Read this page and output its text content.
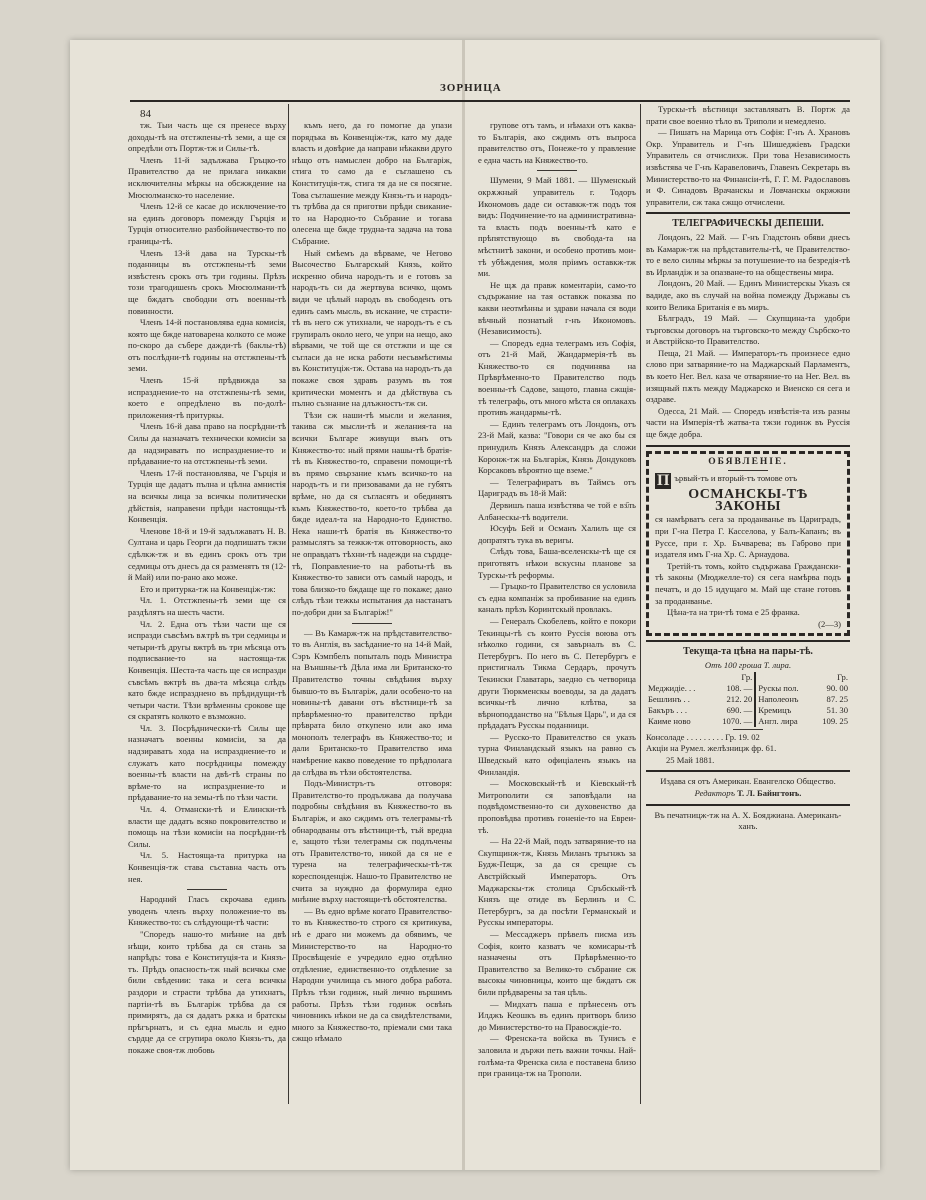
ЗОРНИЦА
84

тж. Тыи часть ще ся пренесе върху доходы-тѣ на отстжпены-тѣ земи, а ще ся опредѣли отъ Портж-тж и Силы-тѣ.

Членъ 11-й задължава Гръцко-то Правителство да не прилага никакви исключителны мѣркы на обсжждение на Мюсюлманско-то население.

Членъ 12-й се касае до исключение-то на единъ договоръ помеждy Гърцiя и Турцiя относително разбойничество-то по границы-тѣ.

Членъ 13-й дава на Турскы-тѣ поданницы въ отстжпены-тѣ земи извѣстенъ срокъ отъ три годины. Прѣзъ този трагодишенъ срокъ Мюсюлмани-тѣ ще бждатъ свободни отъ военны-тѣ повинности.

Членъ 14-й постановлява една комисiя, която ще бжде натоварена колкото се може по-скоро да събере дажди-тѣ (баклы-тѣ) отъ послѣдни-тѣ годины на отстжпены-тѣ земи.

Членъ 15-й прѣдвижда за испразднение-то на отстжпены-тѣ земи, което е опредѣлено въ по-долѣ-приложения-тѣ притуркы.

Членъ 16-й дава право на посрѣдни-тѣ Силы да назначатъ технически комисiи за да надзираватъ по испразднение-то и прѣдавание-то на отстжпены-тѣ земи.

Членъ 17-й постановлява, че Гърцiя и Турцiя ще дадатъ пълна и цѣлна амнистiя на всичкы лица за всичкы политически дѣйствiя, направени прѣди настоящы-тѣ Конвенцiя.

Членове 18-й и 19-й задължаватъ Н. В. Султана и царь Георги да подпишатъ тжзи сдѣлкж-тж и въ единъ срокъ отъ три седмицы отъ днесъ да ся разменятъ тя (12-й Май) или по-рано ако може.

Ето и притурка-тж на Конвенцiж-тж:

Чл. 1. Отстжпены-тѣ земи ще ся раздѣлятъ на шесть части.

Чл. 2. Една отъ тѣзи части ще ся испразди съвсѣмъ вѫтрѣ въ три седмицы и четыри-тѣ другы вжтрѣ въ три мѣсяца отъ подписвание-то на настояща-тж Конвенцiя. Шеста-та часть ще ся испразди съвсѣмъ вжтрѣ въ два-та мѣсяца слѣдъ като бжде испразднено въ прѣдидущи-тѣ четыри части. Тѣзи врѣменны срокове ще ся скратятъ колкото е възможно.

Чл. 3. Посрѣднически-тѣ Силы ще назначатъ военны комисiи, за да надзираватъ хода на испразднение-то и служатъ като посрѣдницы помеждy военны-тѣ власти на двѣ-тѣ страны по врѣме-то на испразднение-то и прѣдавание-то на земы-тѣ по тѣзи части.

Чл. 4. Отмански-тѣ и Елински-тѣ власти ще дадатъ всяко покровителство и помощь на тѣзи комисiи на посрѣдни-тѣ Силы.

Чл. 5. Настояща-та притурка на Конвенцiя-тж става съставна часть отъ нея.

Народний Гласъ скрочава единъ уводенъ членъ върху положение-то въ Княжество-то: съ слѣдующи-тѣ части:

"Споредъ нашо-то мнѣние на двѣ нѣщи, които трѣбва да ся стань за напрѣдъ: това е Конституцiя-та и Князъ-тъ. Прѣдъ опасность-тж ный всичкы сме били свѣдении: така и сега всичкы раздори и страсти трѣбва да утихнатъ, партiи-тѣ въ Българiж трѣбва да ся примирятъ, да ся дадатъ рѫка и братскы прѣгърнатъ, и съ една мысль и едно сърдце да се сгрупира около Князь-тъ, да покаже своя-тж любовь

къмъ него, да го помогне да упази порядъка въ Конвенцiж-тж, като му даде власть и довѣрие да направи нѣкакви друго нѣщо отъ намыслен добро на Българiж, стига то само да е съглашено съ Конституцiя-тж, стига тя да не ся посягне. Това съглашение между Князь-тъ и народъ-тъ трѣбва да ся приготви прѣди свикание-то на Народно-то Събрание и тогава олесена ще бжде трудна-та задача на това Събрание.

Ный смѣемъ да вѣрваме, че Негово Высочество Българскый Князь, който искренно обича народъ-тъ и е готовъ за народъ-тъ си да жертвува всичко, щомъ види че цѣлый народъ въ свободенъ отъ единъ самъ мысль, въ искание, че страсти-тѣ въ него сж утихнали, че народъ-тъ е съ групиралъ около него, че упри на нещо, ако вѣрвами, че той ще ся отстжпи и ще ся съгласи да не иска работи несъвмѣстимы въ Конституцiж-тж. Остава на народъ-тъ да покаже своя здравъ разумъ въ тоя критически моментъ и да дѣйствува съ пълно съзнание на длъжностъ-тж си.

Тѣзи сж наши-тѣ мысли и желания, такива сж мысли-тѣ и желания-та на всички Българе живущи вънъ отъ Княжество-то: ный прями нашы-тѣ братiя-тѣ въ Княжество-то, справени помощи-тѣ въ прямо свързание къмъ всичко-то на народъ-тъ и ги призовавами да не губятъ врѣме, но да ся съгласятъ и обединятъ къмъ Княжество-то, което-то трѣбва да бжде идеал-та на Народно-то Единство. Нека наши-тѣ братiя въ Княжество-то размыслятъ за тежкж-тж отговорность, ако не оправдатъ тѣхни-тѣ надежди на сърдце-тѣ, Поправление-то на работы-тѣ въ Княжество-то зависи отъ самый народъ, и това близко-то бждаще ще го покаже; дано слѣдъ тѣзи тежкы испытания да настанатъ по-добри дни за Българiж!"

— Въ Камарж-тж на прѣдставителство-то въ Англiя, въ засѣдание-то на 14-й Май, Сэръ Кэмпбелъ попыталъ подъ Министра на Външны-тѣ Дѣла има ли Британско-то Правителство точны свѣдѣния върху бывшо-то въ Българiж, дали особено-то на новины-тѣ давани отъ вѣстници-тѣ за прѣврѣменно-то правителство прѣди прѣврата било откупено или ако има монополъ телеграфъ въ Княжество-то; и дали Британско-то Правителство има намѣрение какво поведение то прѣдполага да слѣдва въ тѣзи обстоятелства.

Подъ-Министръ-тъ отговоря: Правителство-то продължава да получава подробны свѣдѣния въ Княжество-то въ Българiж, и ако сждимъ отъ телеграмы-тѣ обнародваны отъ вѣстници-тѣ, тъй вредна е, защото тѣзи телеграмы сж подлъчены отъ Правителство-то, никой да ся не е турена на телеграфическы-тѣ-тж кореспонденцiж. Нашо-то Правителство не счита за нуждно да формулира едно мнѣние върху настоящи-тѣ обстоятелства.

— Въ едно врѣме когато Правителство-то въ Княжество-то строго ся критикува, нѣ е драго ни можемъ да обявимъ, че Министерство-то на Народно-то Просвѣщенiе е учредило едно отдѣлно отдѣление, единственно-то отдѣление за Народни училища съ много добра работа. Прѣзъ тѣзи годинж, ный лично вършимъ работы. Прѣзъ тѣзи годинж освѣнъ чиновникъ нѣкои не да са свидѣтелствами, много за Княжество-то, прiемали сми така сжщо нѣмало

групове отъ тамъ, и нѣмахи отъ каква-то Българiя, ако сждимъ отъ въпроса правителство отъ, Понеже-то у правление е една часть на Княжество-то.

Шумени, 9 Май 1881. — Шуменскый окрѫжный управитель г. Тодоръ Икономовъ даде си оставкж-тж подъ тоя видъ: Подчинение-то на административна-та власть подъ военны-тѣ като е прѣпятствующо въ свобода-та на мѣстнитѣ закони, и особено противъ мои-тѣ убѣждения, моля пріимъ оставкж-тж ми.

Не щѫ да правж коментарiи, само-то съдържание на тая оставкж показва по какви неотмѣнны и здрави начала ся води вѣчный познатый г-нъ Икономовъ. (Независимость).

— Споредъ една телеграмъ изъ Софiя, отъ 21-й Май, Жандармерiя-тѣ въ Княжество-то ся подчинява на Прѣврѣменно-то Правителство подъ военны-тѣ Садове, защото, главна сжщiя-тѣ телеграфь, отъ много мѣста ся оплакахъ противъ жандармы-тѣ.

— Единъ телеграмъ отъ Лондонъ, отъ 23-й Май, казва: "Говори ся че ако бы ся принудилъ Князъ Александръ да сложи Коронж-тж на Българiж, Князь Дондуковъ Корсаковъ вѣроятно ще вземе."

— Телеграфиратъ въ Таймсъ отъ Цариградъ въ 18-й Май:

Дервишъ паша извѣстява че той е вз҃лъ Албанескы-тѣ водители.

Юсуфъ Бей и Османъ Халилъ ще ся допратятъ тука въ веригы.

Слѣдъ това, Баша-вселенскы-тѣ ще ся приготвятъ нѣкои вскусны планове за Турскы-тѣ реформы.

— Гръцко-то Правителство ся условила съ една компанiж за пробивание на единъ каналъ прѣзъ Коринтскый провлакъ.

— Генералъ Скобелевъ, който е покори Текинцы-тѣ съ които Руссiя воюва отъ нѣколко години, ся завърналъ въ С. Петербургъ. По него въ С. Петербургъ е пристигналъ Тикма Сердаръ, прочутъ Текински Главатарь, заедно съ четворица други Тюркменскы воеводы, за да дадатъ всичкы-тѣ лично клѣтва, за вѣрноподданство на "Бѣлыя Царь", и да ся прѣдадатъ Русскы поданници.

— Русско-то Правителство ся указъ турна Финландскый языкъ на равно съ Шведскый като офицiаленъ языкъ на Финландiя.

— Московскый-тѣ и Кiевскый-тѣ Митрополити ся заповѣдали на подвѣдомственно-то си духовенство да проповѣдва противъ гоненiе-то на Евреи-тѣ.

— На 22-й Май, подъ затваряние-то на Скупщинж-тж, Князь Миланъ тръгнжъ за Будж-Пещж, за да ся срещне съ Австрiйскый Императоръ. Отъ Маджарскы-тж столица Сръбскый-тѣ Князъ ще отиде въ Берлинъ и С. Петербургъ, за да посѣти Германскый и Русскы императоры.

— Мессаджеръ прѣвелъ писма изъ Софiя, които казватъ че комисары-тѣ назначены отъ Прѣврѣменно-то Правителство за Велико-то събрание сж высокы чиновницы, които ще бждатъ сж били прѣдварены за тая цѣль.

— Мидхатъ паша е прѣнесенъ отъ Илджъ Кеошкъ въ единъ притворъ близо до Министерство-то на Правосждiе-то.

— Френска-та войска въ Тунисъ е заловила и държи петь важни точкы. Най-голѣма-та Френска сила е поставена близо при граница-тж на Трополи.

Турскы-тѣ вѣстници заставляватъ В. Портж да прати свое военно тѣло въ Триполи и немедлено.

— Пишатъ на Марица отъ Софiя: Г-нъ А. Храновъ Окр. Управитель и Г-нъ Шишеджiевъ Градски Управитель ся отчислихж. При това Независимость извѣстява че Г-нъ Каравеловичъ, Главенъ Секретарь въ Министерство-то на Финансiи-тѣ, Г. Г. М. Радославовъ и Ф. Синадовъ Врачанскы и Ловчанскы окржжни управители, сж така сжщо отчислени.

ТЕЛЕГРАФИЧЕСКЫ ДЕПЕШИ.

Лондонъ, 22 Май. — Г-нъ Гладстонъ обяви днесъ въ Камарж-тж на прѣдставителы-тѣ, че Правителство-то е вело силны мѣркы за потушение-то на безредiя-тѣ въ Ирландiж и за опазване-то на обществены мира.

Лондонъ, 20 Май. — Единъ Министерскы Указъ ся вадиде, ако въ случай на война помеждy Държавы съ които Велика Британiя е въ миръ.

Бѣлградъ, 19 Май. — Скупщина-та удобри търговскы договоръ на търговско-то между Сърбско-то и Австрiйско-то Правителство.

Пеща, 21 Май. — Императоръ-тъ произнесе едно слово при затваряние-то на Маджарскый Парламентъ, въ което Нег. Вел. каза че отваряние-то на Нег. Вел. въ изящный пѫть между Маджарско и Виенско ся сега и оздраве.

Одесса, 21 Май. — Споредъ извѣстiя-та изъ разны части на Имперiя-тѣ жатва-та тжзи годинж въ Руссiя ще бжде добра.

ОБЯВЛЕНIЕ.
П ървый-тъ и вторый-тъ томове отъ
ОСМАНСКЫ-ТѢ ЗАКОНЫ

ся намѣрватъ сега за проданванье въ Цариградъ, при Г-на Петра Г. Касселова, у Балъ-Капанъ; въ Руссе, при г. Хр. Бъчварева; въ Габрово при издателя имъ Г-на Хр. С. Арнаудова.

Третiй-тъ томъ, който съдържава Граждански-тѣ законы (Мюджелле-то) ся сега намѣрва подъ печатъ, и до 15 идущаго м. Май ще стане готовъ за проданванье.

Цѣна-та на три-тѣ тома е 25 франка.

(2—3)

Текуща-та цѣна на пары-тѣ.

Отъ 100 гроша Т. лира.

	Гр.		Гр.
Меджидiе. . .	108. —	Рускы пол.	90. 00
Бешлинъ . .	212. 20	Наполеонъ	87. 25
Бакъръ . . .	690. —	Кремицъ	51. 30
Каиме ново	1070. —	Англ. лира	109. 25
Консоладе . . . . . . . . . Гр. 19. 02
Акцiи на Румел. желѣзницж фр. 61.
25 Май 1881.

Издава ся отъ Американ. Евангелско Общество.

Редакторъ Т. Л. Байнгтонъ.

Въ печатницж-тж на А. Х. Бояджиана. Американъ-ханъ.
